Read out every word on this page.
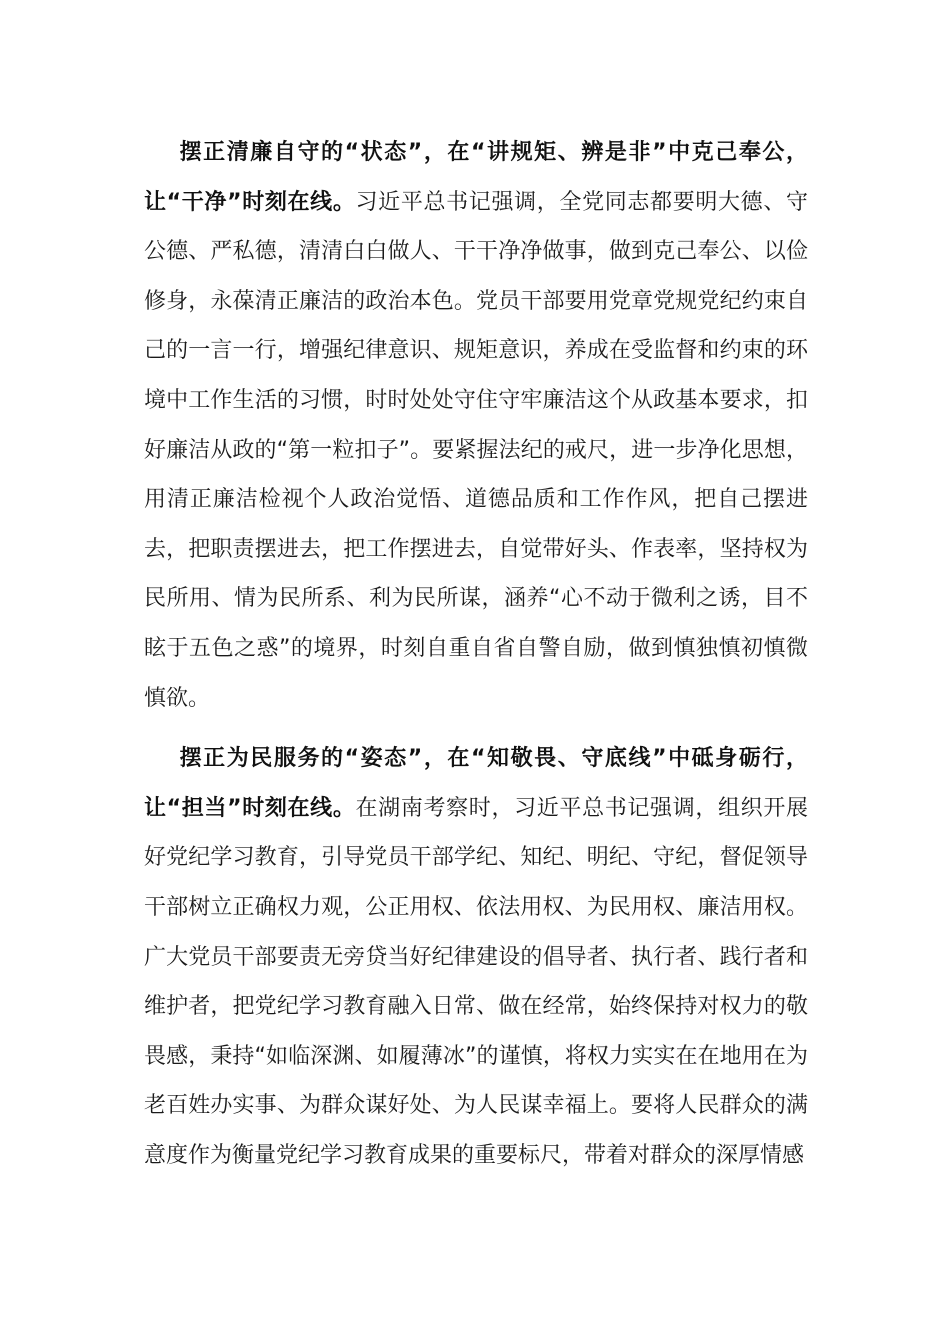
摆正清廉自守的“状态”，在“讲规矩、辨是非”中克己奉公，让“干净”时刻在线。习近平总书记强调，全党同志都要明大德、守公德、严私德，清清白白做人、干干净净做事，做到克己奉公、以俭修身，永葆清正廉洁的政治本色。党员干部要用党章党规党纪约束自己的一言一行，增强纪律意识、规矩意识，养成在受监督和约束的环境中工作生活的习惯，时时处处守住守牢廉洁这个从政基本要求，扣好廉洁从政的“第一粒扣子”。要紧握法纪的戒尺，进一步净化思想，用清正廉洁检视个人政治觉悟、道德品质和工作作风，把自己摆进去，把职责摆进去，把工作摆进去，自觉带好头、作表率，坚持权为民所用、情为民所系、利为民所谋，涵养“心不动于微利之诱，目不眩于五色之惑”的境界，时刻自重自省自警自励，做到慎独慎初慎微慎欲。

摆正为民服务的“姿态”，在“知敬畏、守底线”中砥身砺行，让“担当”时刻在线。在湖南考察时，习近平总书记强调，组织开展好党纪学习教育，引导党员干部学纪、知纪、明纪、守纪，督促领导干部树立正确权力观，公正用权、依法用权、为民用权、廉洁用权。广大党员干部要责无旁贷当好纪律建设的倡导者、执行者、践行者和维护者，把党纪学习教育融入日常、做在经常，始终保持对权力的敬畏感，秉持“如临深渊、如履薄冰”的谨慎，将权力实实在在地用在为老百姓办实事、为群众谋好处、为人民谋幸福上。要将人民群众的满意度作为衡量党纪学习教育成果的重要标尺，带着对群众的深厚情感
